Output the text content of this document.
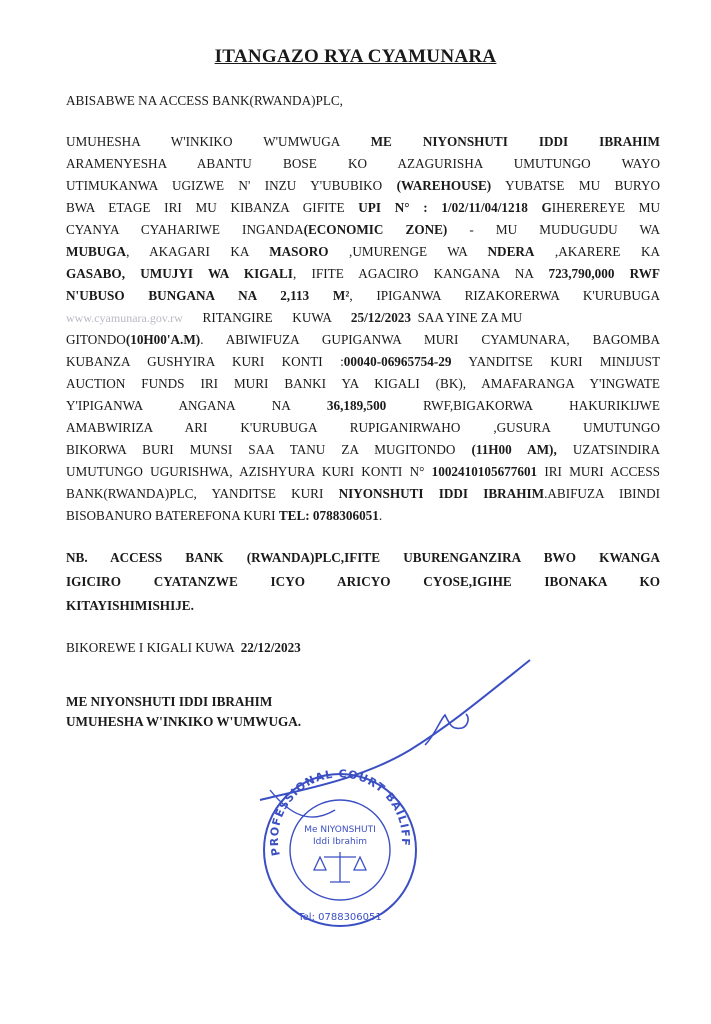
ITANGAZO RYA CYAMUNARA
ABISABWE NA ACCESS BANK(RWANDA)PLC,
UMUHESHA W'INKIKO W'UMWUGA ME NIYONSHUTI IDDI IBRAHIM
ARAMENYESHA ABANTU BOSE KO AZAGURISHA UMUTUNGO WAYO
UTIMUKANWA UGIZWE N' INZU Y'UBUBIKO (WAREHOUSE) YUBATSE MU BURYO
BWA ETAGE IRI MU KIBANZA GIFITE UPI N° : 1/02/11/04/1218 GIHEREREYE MU
CYANYA CYAHARIWE INGANDA(ECONOMIC ZONE) - MU MUDUGUDU WA
MUBUGA, AKAGARI KA MASORO ,UMURENGE WA NDERA ,AKARERE KA
GASABO, UMUJYI WA KIGALI, IFITE AGACIRO KANGANA NA 723,790,000 RWF
N'UBUSO BUNGANA NA 2,113 M², IPIGANWA RIZAKORERWA K'URUBUGA
www.cyamunara.gov.rw      RITANGIRE      KUWA      25/12/2023  SAA YINE ZA MU
GITONDO(10H00'A.M). ABIWIFUZA GUPIGANWA MURI CYAMUNARA, BAGOMBA
KUBANZA GUSHYIRA KURI KONTI :00040-06965754-29 YANDITSE KURI MINIJUST
AUCTION FUNDS IRI MURI BANKI YA KIGALI (BK), AMAFARANGA Y'INGWATE
Y'IPIGANWA ANGANA NA 36,189,500 RWF,BIGAKORWA HAKURIKIJWE
AMABWIRIZA ARI K'URUBUGA RUPIGANIRWAHO ,GUSURA UMUTUNGO
BIKORWA BURI MUNSI SAA TANU ZA MUGITONDO (11H00 AM), UZATSINDIRA
UMUTUNGO UGURISHWA, AZISHYURA KURI KONTI N° 1002410105677601 IRI MURI ACCESS
BANK(RWANDA)PLC, YANDITSE KURI NIYONSHUTI IDDI IBRAHIM.ABIFUZA IBINDI
BISOBANURO BATEREFONA KURI TEL: 0788306051.
NB. ACCESS BANK (RWANDA)PLC,IFITE UBURENGANZIRA BWO KWANGA
IGICIRO CYATANZWE ICYO ARICYO CYOSE,IGIHE IBONAKA KO
KITAYISHIMISHIJE.
BIKOREWE I KIGALI KUWA  22/12/2023
ME NIYONSHUTI IDDI IBRAHIM
UMUHESHA W'INKIKO W'UMWUGA.
PROFESSIONAL COURT BAILIFF
Me NIYONSHUTI
Iddi Ibrahim
Tel: 0788306051
